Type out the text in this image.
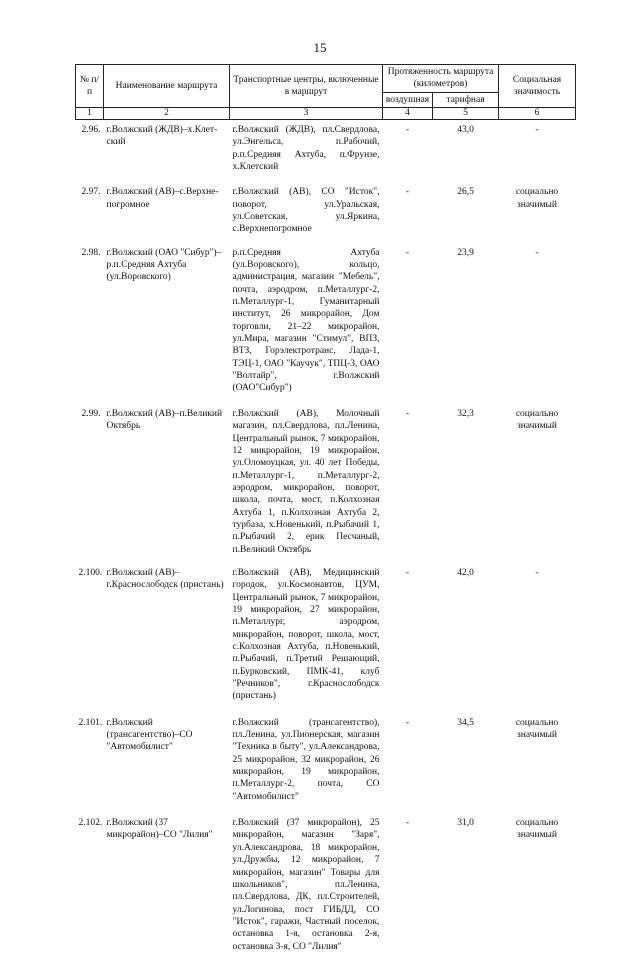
15
№ п/п	Наименование маршрута	Транспортные центры, включенные в маршрут	Протяженность маршрута (километров)		Социальная значимость
			воздушная	тарифная	
1	2	3	4	5	6

2.96.	г.Волжский (ЖДВ)–х.Клет-ский	г.Волжский (ЖДВ), пл.Свердлова, ул.Энгельса, п.Рабочий, р.п.Средняя Ахтуба, п.Фрунзе, х.Клетский	-	43,0	-

2.97.	г.Волжский (АВ)–с.Верхне-погромное	г.Волжский (АВ), СО "Исток", поворот, ул.Уральская, ул.Советская, ул.Яркина, с.Верхнепогромное	-	26,5	социально значимый

2.98.	г.Волжский (ОАО "Сибур")–р.п.Средняя Ахтуба (ул.Воровского)	р.п.Средняя Ахтуба (ул.Воровского), кольцо, администрация, магазин "Мебель", почта, аэродром, п.Металлург-2, п.Металлург-1, Гуманитарный институт, 26 микрорайон, Дом торговли, 21–22 микрорайон, ул.Мира, магазин "Стимул", ВПЗ, ВТЗ, Горэлектротранс, Лада-1, ТЭЦ-1, ОАО "Каучук", ТПЦ-3, ОАО "Волтайр", г.Волжский (ОАО"Сибур")	-	23,9	-

2.99.	г.Волжский (АВ)–п.Великий Октябрь	г.Волжский (АВ), Молочный магазин, пл.Свердлова, пл.Ленина, Центральный рынок, 7 микрорайон, 12 микрорайон, 19 микрорайон, ул.Оломоуцкая, ул. 40 лет Победы, п.Металлург-1, п.Металлург-2, аэродром, микрорайон, поворот, школа, почта, мост, п.Колхозная Ахтуба 1, п.Колхозная Ахтуба 2, турбаза, х.Новенький, п.Рыбачий 1, п.Рыбачий 2, ерик Песчаный, п.Великий Октябрь	-	32,3	социально значимый

2.100.	г.Волжский (АВ)–г.Краснослободск (пристань)	г.Волжский (АВ), Медицинский городок, ул.Космонавтов, ЦУМ, Центральный рынок, 7 микрорайон, 19 микрорайон, 27 микрорайон, п.Металлург, аэродром, микрорайон, поворот, школа, мост, с.Колхозная Ахтуба, п.Новенький, п.Рыбачий, п.Третий Решающий, п.Бурковский, ПМК-41, клуб "Речников", г.Краснослободск (пристань)	-	42,0	-

2.101.	г.Волжский (трансагентство)–СО "Автомобилист"	г.Волжский (трансагентство), пл.Ленина, ул.Пионерская, магазин "Техника в быту", ул.Александрова, 25 микрорайон, 32 микрорайон, 26 микрорайон, 19 микрорайон, п.Металлург-2, почта, СО "Автомобилист"	-	34,5	социально значимый

2.102.	г.Волжский (37 микрорайон)–СО "Лилия"	г.Волжский (37 микрорайон), 25 микрорайон, магазин "Заря", ул.Александрова, 18 микрорайон, ул.Дружбы, 12 микрорайон, 7 микрорайон, магазин" Товары для школьников", пл.Ленина, пл.Свердлова, ДК, пл.Строителей, ул.Логинова, пост ГИБДД, СО "Исток", гаражи, Частный поселок, остановка 1-я, остановка 2-я, остановка 3-я, СО "Лилия"	-	31,0	социально значимый
